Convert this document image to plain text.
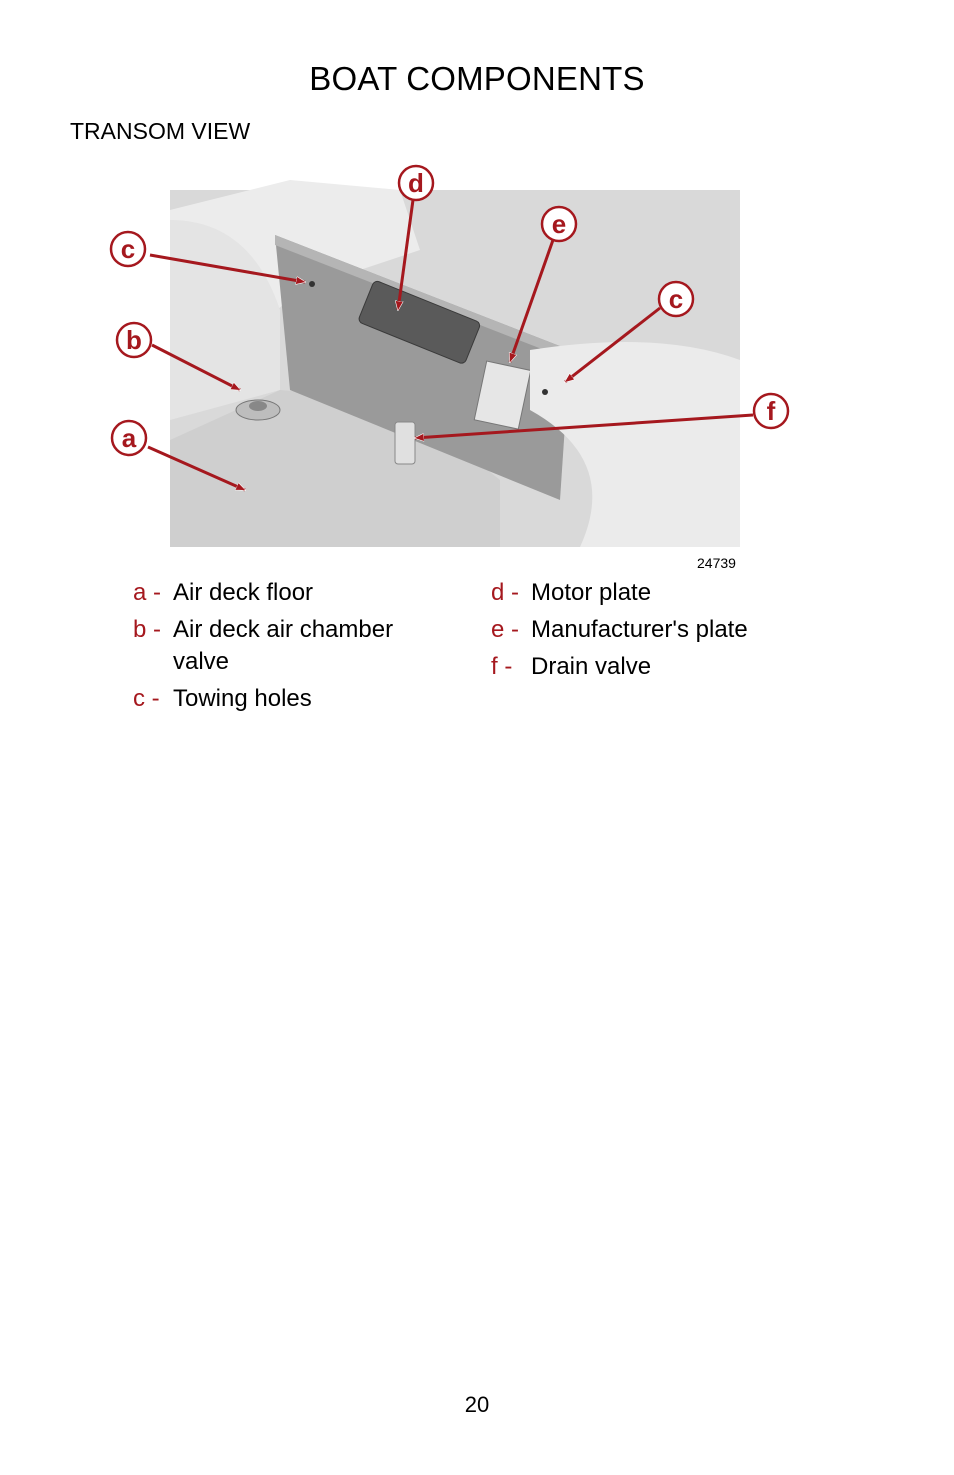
BOAT COMPONENTS
TRANSOM VIEW
d
e
c
c
b
a
f
24739
a - Air deck floor
b - Air deck air chamber valve
c - Towing holes
d - Motor plate
e - Manufacturer's plate
f - Drain valve
20
